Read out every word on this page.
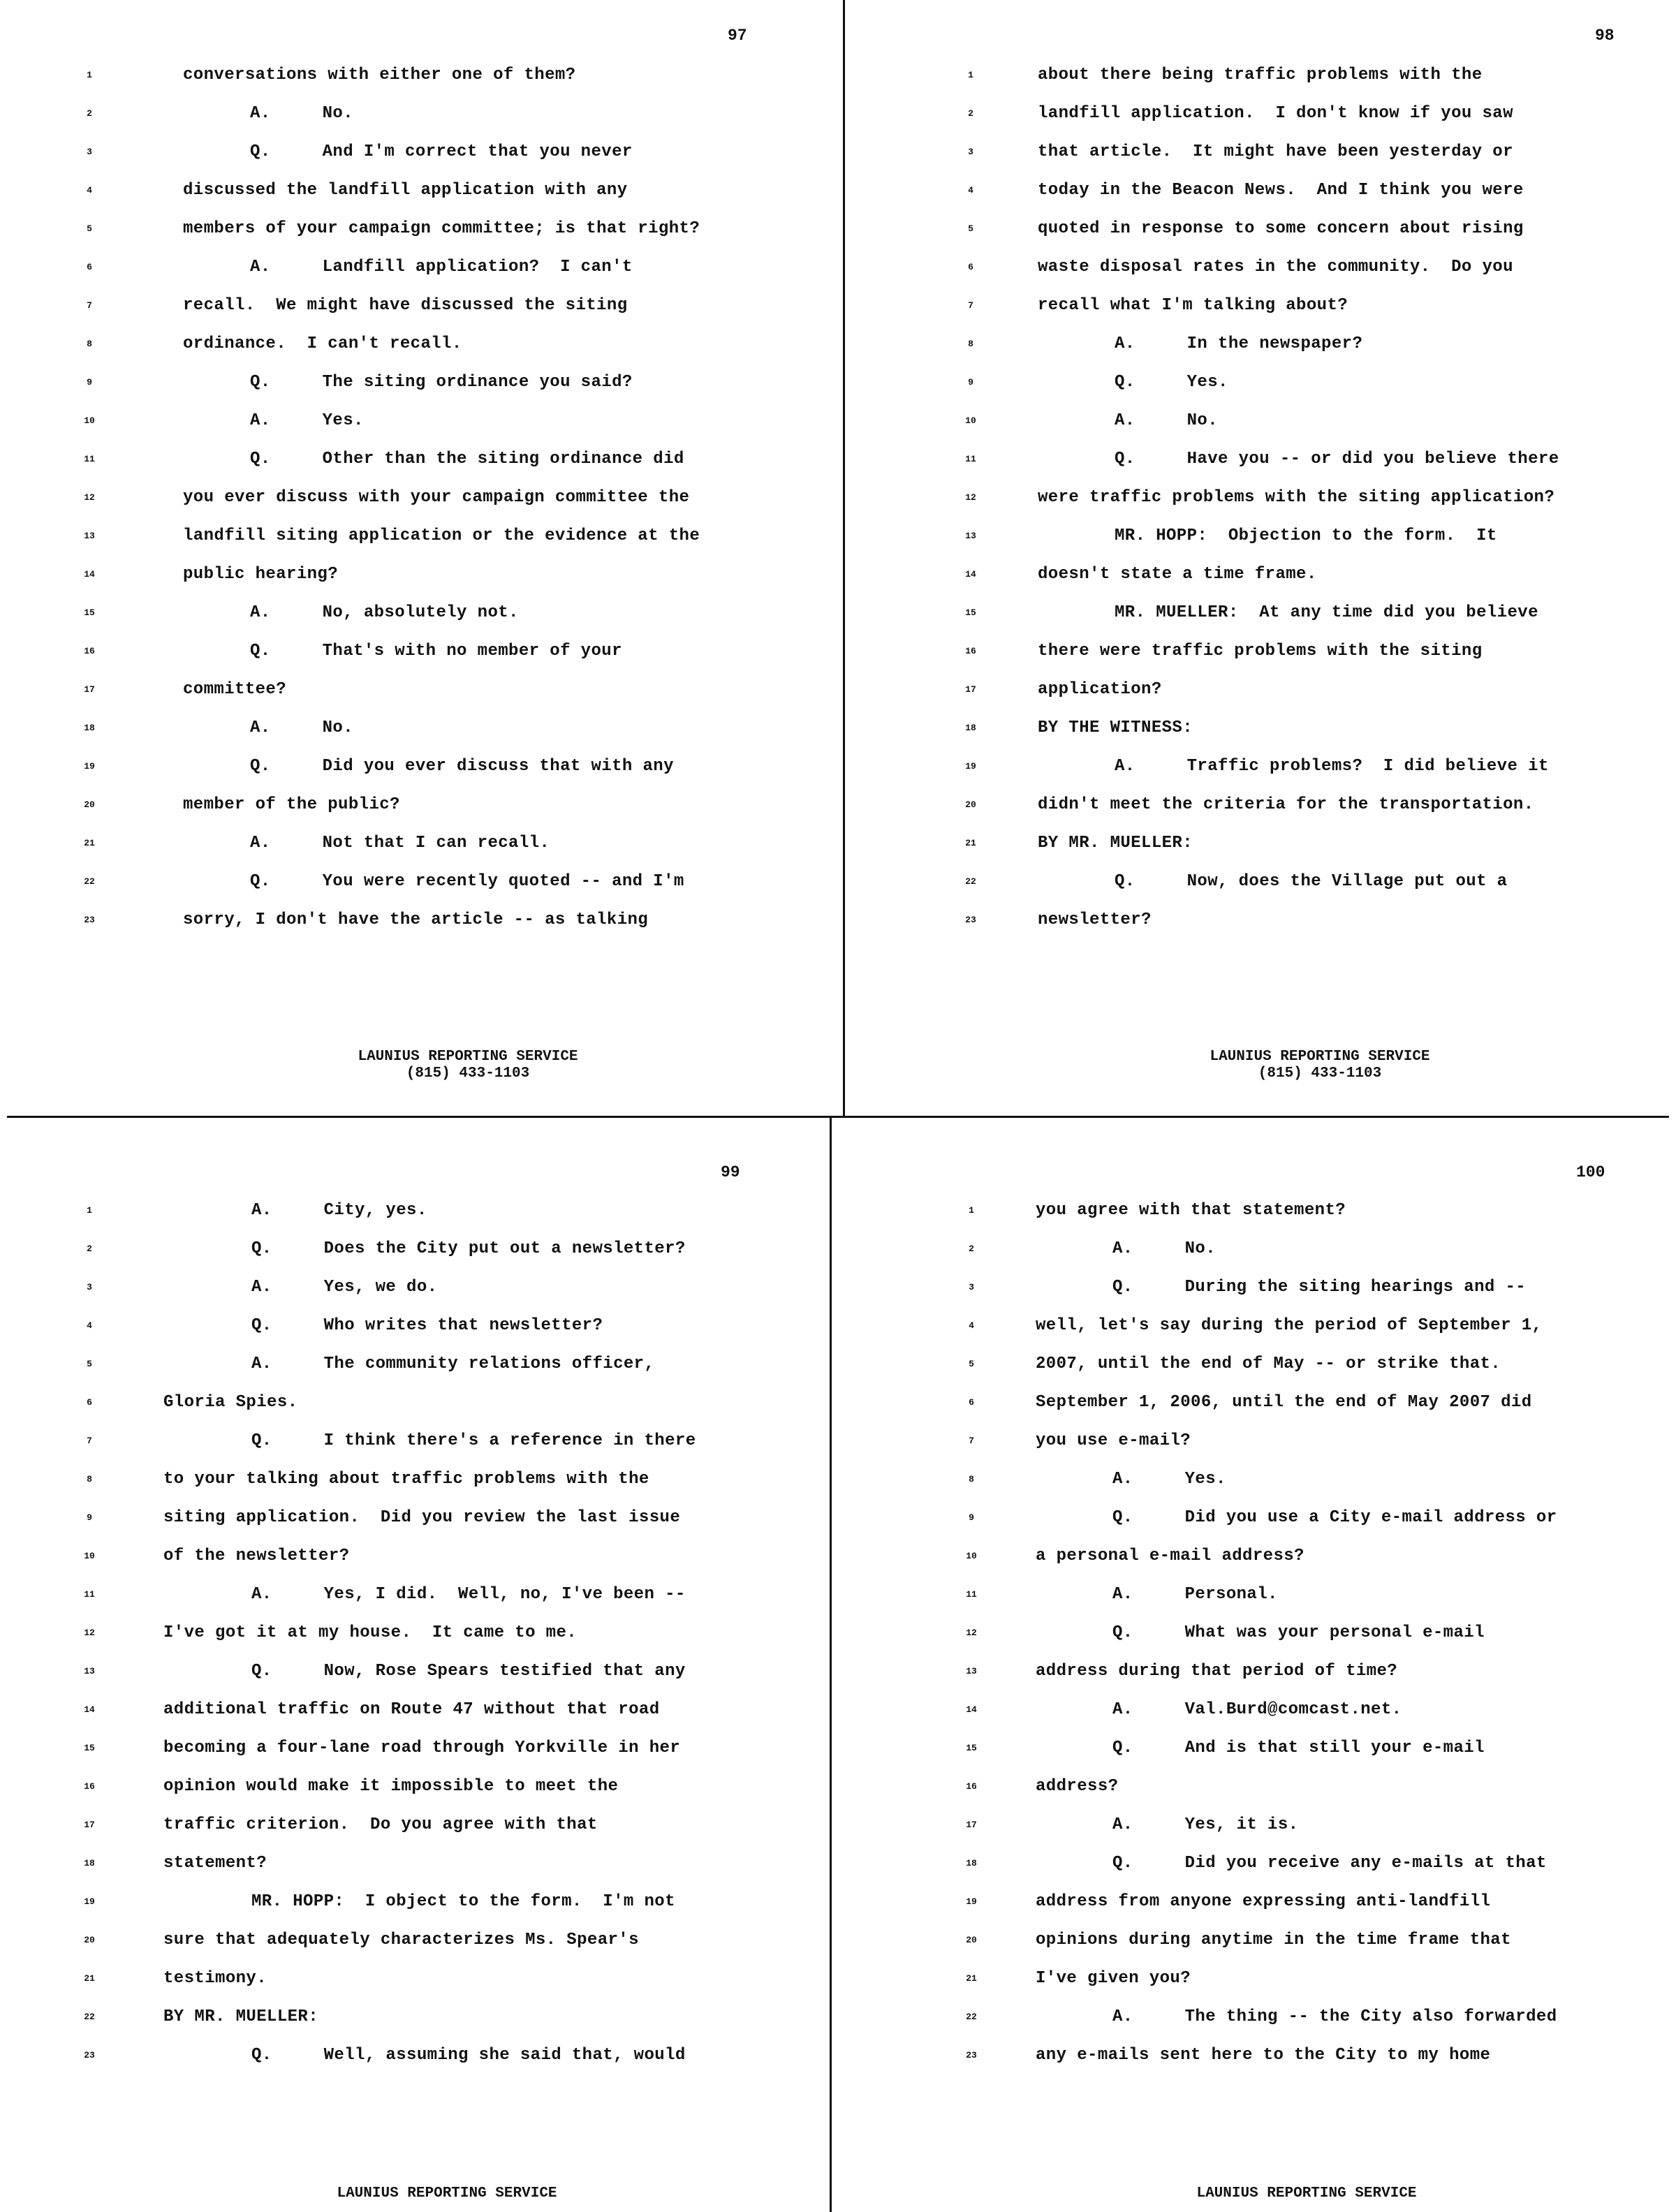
97
1	conversations with either one of them?
2	A.     No.
3	Q.     And I'm correct that you never
4	discussed the landfill application with any
5	members of your campaign committee; is that right?
6	A.     Landfill application?  I can't
7	recall.  We might have discussed the siting
8	ordinance.  I can't recall.
9	Q.     The siting ordinance you said?
10	A.     Yes.
11	Q.     Other than the siting ordinance did
12	you ever discuss with your campaign committee the
13	landfill siting application or the evidence at the
14	public hearing?
15	A.     No, absolutely not.
16	Q.     That's with no member of your
17	committee?
18	A.     No.
19	Q.     Did you ever discuss that with any
20	member of the public?
21	A.     Not that I can recall.
22	Q.     You were recently quoted -- and I'm
23	sorry, I don't have the article -- as talking
LAUNIUS REPORTING SERVICE
(815) 433-1103
98
1	about there being traffic problems with the
2	landfill application.  I don't know if you saw
3	that article.  It might have been yesterday or
4	today in the Beacon News.  And I think you were
5	quoted in response to some concern about rising
6	waste disposal rates in the community.  Do you
7	recall what I'm talking about?
8	A.     In the newspaper?
9	Q.     Yes.
10	A.     No.
11	Q.     Have you -- or did you believe there
12	were traffic problems with the siting application?
13	MR. HOPP:  Objection to the form.  It
14	doesn't state a time frame.
15	MR. MUELLER:  At any time did you believe
16	there were traffic problems with the siting
17	application?
18	BY THE WITNESS:
19	A.     Traffic problems?  I did believe it
20	didn't meet the criteria for the transportation.
21	BY MR. MUELLER:
22	Q.     Now, does the Village put out a
23	newsletter?
LAUNIUS REPORTING SERVICE
(815) 433-1103
99
1	A.     City, yes.
2	Q.     Does the City put out a newsletter?
3	A.     Yes, we do.
4	Q.     Who writes that newsletter?
5	A.     The community relations officer,
6	Gloria Spies.
7	Q.     I think there's a reference in there
8	to your talking about traffic problems with the
9	siting application.  Did you review the last issue
10	of the newsletter?
11	A.     Yes, I did.  Well, no, I've been --
12	I've got it at my house.  It came to me.
13	Q.     Now, Rose Spears testified that any
14	additional traffic on Route 47 without that road
15	becoming a four-lane road through Yorkville in her
16	opinion would make it impossible to meet the
17	traffic criterion.  Do you agree with that
18	statement?
19	MR. HOPP:  I object to the form.  I'm not
20	sure that adequately characterizes Ms. Spear's
21	testimony.
22	BY MR. MUELLER:
23	Q.     Well, assuming she said that, would
LAUNIUS REPORTING SERVICE
100
1	you agree with that statement?
2	A.     No.
3	Q.     During the siting hearings and --
4	well, let's say during the period of September 1,
5	2007, until the end of May -- or strike that.
6	September 1, 2006, until the end of May 2007 did
7	you use e-mail?
8	A.     Yes.
9	Q.     Did you use a City e-mail address or
10	a personal e-mail address?
11	A.     Personal.
12	Q.     What was your personal e-mail
13	address during that period of time?
14	A.     Val.Burd@comcast.net.
15	Q.     And is that still your e-mail
16	address?
17	A.     Yes, it is.
18	Q.     Did you receive any e-mails at that
19	address from anyone expressing anti-landfill
20	opinions during anytime in the time frame that
21	I've given you?
22	A.     The thing -- the City also forwarded
23	any e-mails sent here to the City to my home
LAUNIUS REPORTING SERVICE
